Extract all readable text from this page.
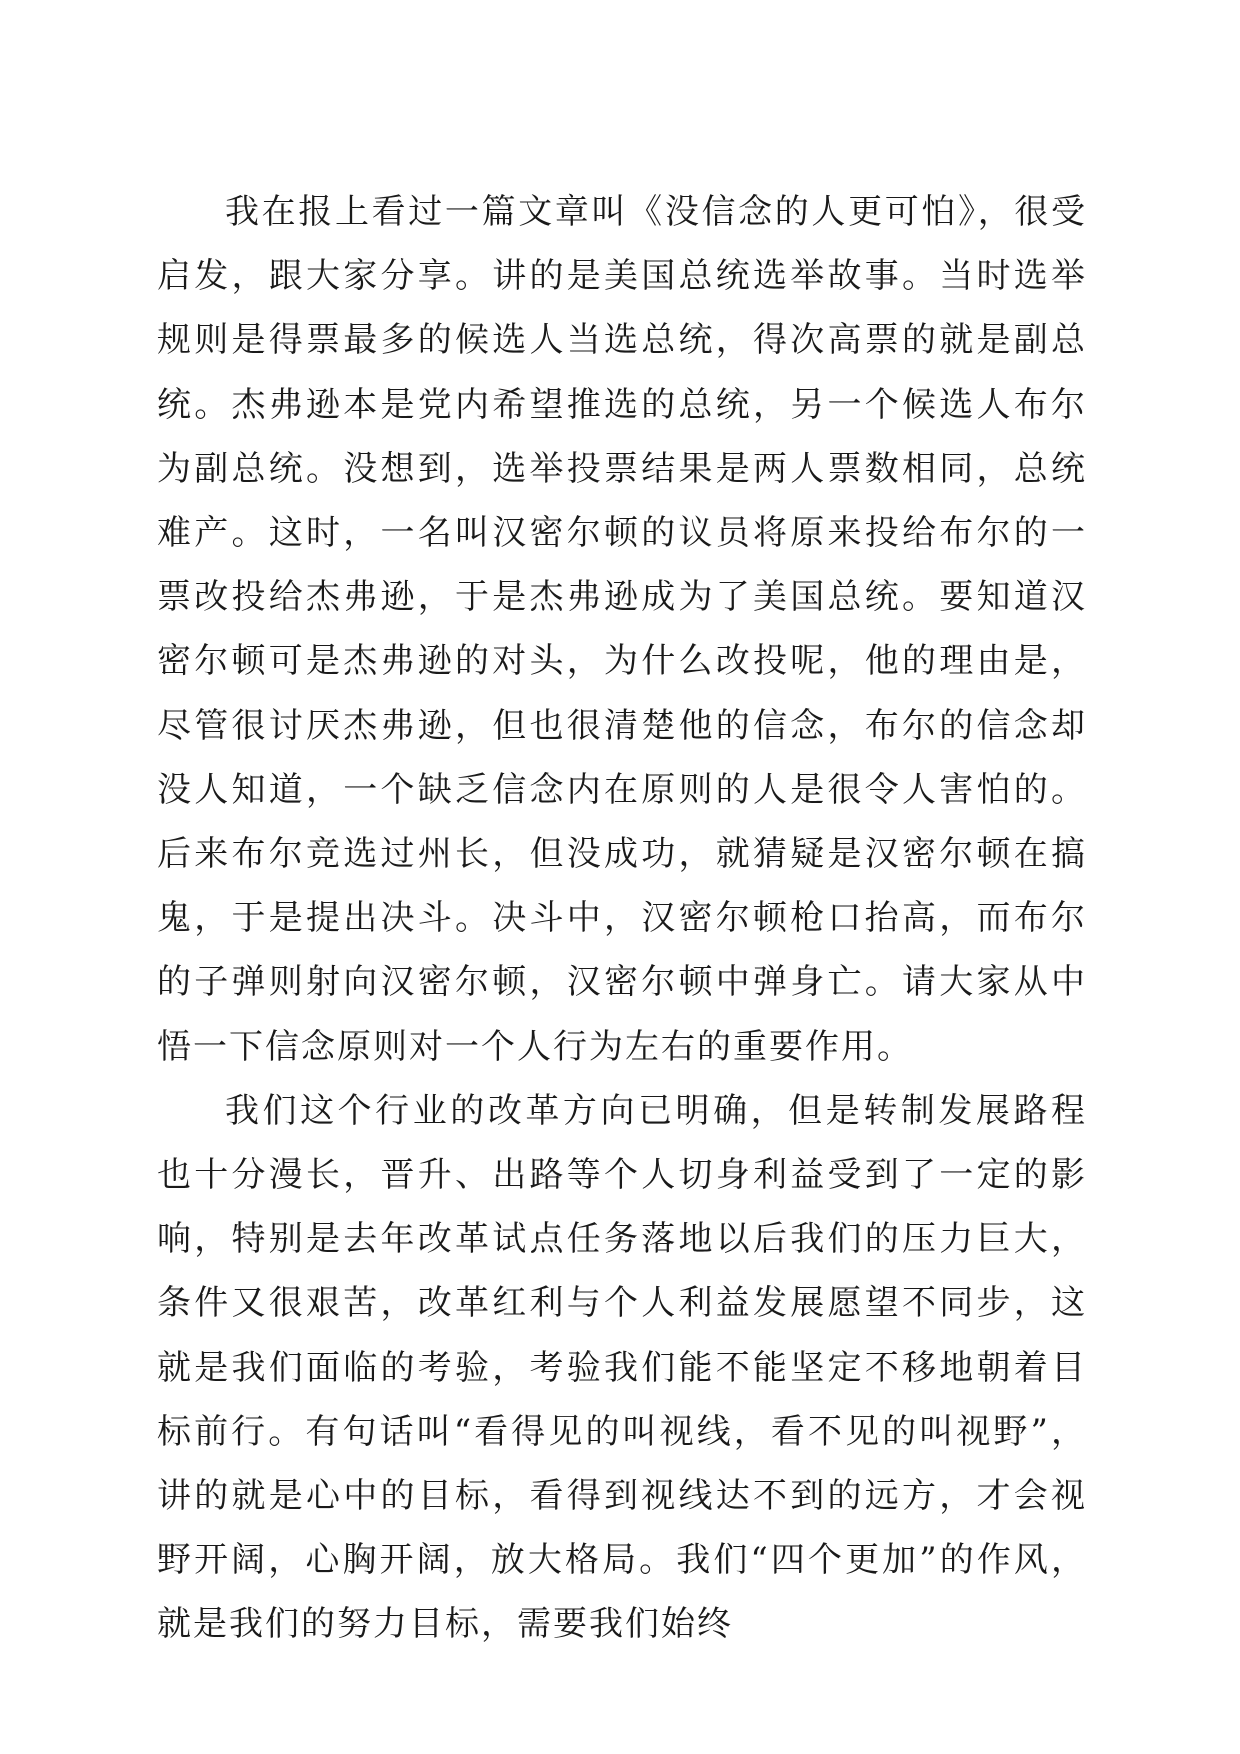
我在报上看过一篇文章叫《没信念的人更可怕》，很受启发，跟大家分享。讲的是美国总统选举故事。当时选举规则是得票最多的候选人当选总统，得次高票的就是副总统。杰弗逊本是党内希望推选的总统，另一个候选人布尔为副总统。没想到，选举投票结果是两人票数相同，总统难产。这时，一名叫汉密尔顿的议员将原来投给布尔的一票改投给杰弗逊，于是杰弗逊成为了美国总统。要知道汉密尔顿可是杰弗逊的对头，为什么改投呢，他的理由是，尽管很讨厌杰弗逊，但也很清楚他的信念，布尔的信念却没人知道，一个缺乏信念内在原则的人是很令人害怕的。后来布尔竞选过州长，但没成功，就猜疑是汉密尔顿在搞鬼，于是提出决斗。决斗中，汉密尔顿枪口抬高，而布尔的子弹则射向汉密尔顿，汉密尔顿中弹身亡。请大家从中悟一下信念原则对一个人行为左右的重要作用。

我们这个行业的改革方向已明确，但是转制发展路程也十分漫长，晋升、出路等个人切身利益受到了一定的影响，特别是去年改革试点任务落地以后我们的压力巨大，条件又很艰苦，改革红利与个人利益发展愿望不同步，这就是我们面临的考验，考验我们能不能坚定不移地朝着目标前行。有句话叫“看得见的叫视线，看不见的叫视野”，讲的就是心中的目标，看得到视线达不到的远方，才会视野开阔，心胸开阔，放大格局。我们“四个更加”的作风，就是我们的努力目标，需要我们始终
